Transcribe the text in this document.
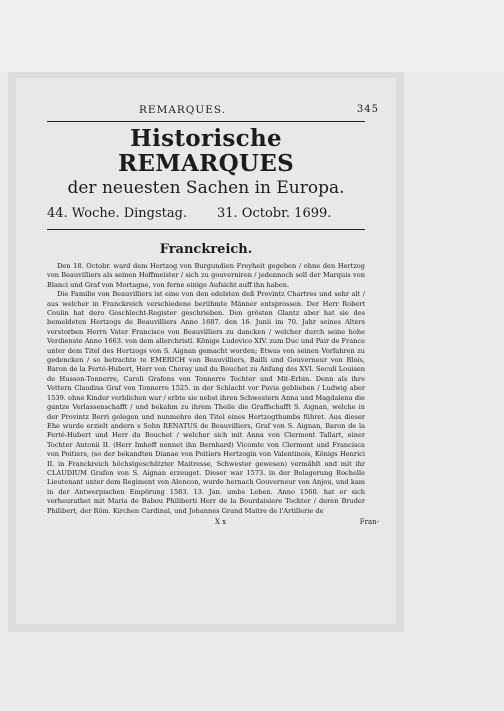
REMARQUES.	345
Historische REMARQUES
der neuesten Sachen in Europa.
44. Woche. Dingstag. 31. Octobr. 1699.
Franckreich.

Den 18. Octobr. ward dem Hertzog von Burgundien Freyheit gegeben / ohne den Hertzog von Beauvilliers als seinen Hoffmeister / sich zu gouverniren / jedennoch soll der Marquis von Blanci und Graf von Mortagne, von ferne einige Aufsicht auff ihn haben.

Die Familie von Beauvilliers ist eine von den edelsten deß Provintz Chartres und sehr alt / aus welcher in Franckreich verschiedene berühmte Männer entsprossen. Der Herr Robert Coulin hat dero Geschlecht-Register geschrieben. Den grösten Glantz aber hat sie des bemeldeten Hertzogs de Beauvilliers Anno 1687. den 16. Junii im 70. Jahr seines Alters verstorben Herrn Vater Francisco von Beauvilliers zu dancken / welcher durch seine hohe Verdienste Anno 1663. von dem allerchristl. Könige Ludovico XIV. zum Duc und Pair de France unter dem Titel des Hertzogs von S. Aignan gemacht worden; Etwas von seinen Vorfahren zu gedencken / so betrachte te EMERICH von Beauvilliers, Bailli und Gouverneur von Blois, Baron de la Ferté-Hubert, Herr von Cheray und du Bouchet zu Anfang des XVI. Seculi Louisen de Husson-Tonnerre, Caroli Grafens von Tonnerre Tochter und Mit-Erbin. Denn als ihre Vettern Claudius Graf von Tonnerre 1525. in der Schlacht vor Pavia geblieben / Ludwig aber 1539. ohne Kinder verblichen war / erbte sie nebst ihren Schwestern Anna und Magdalena die gantze Verlassenschafft / und bekahm zu ihrem Theile die Graffschafft S. Aignan, welche in der Provintz Berri gelegen und nunmehro den Titel eines Hertzogthumbs führet. Aus dieser Ehe wurde erzielt andern s Sohn RENATUS de Beauvilliers, Graf von S. Aignan, Baron de la Ferté-Hubert und Herr du Bouchet / welcher sich mit Anna von Clermont Tallart, einer Tochter Antonii II. (Herr Imhoff nennet ihn Bernhard) Vicomte von Clermont und Francisca von Poitiers, (so der bekandten Dianae von Poitiers Hertzogin von Valentinois, Königs Henrici II. in Franckreich höchstgeschätzter Maitresse, Schwester gewesen) vermählt und mit ihr CLAUDIUM Grafen von S. Aignan erzeuget. Dieser war 1573. in der Belagerung Rochelle Lieutenant unter dem Regiment von Alencon, wurde hernach Gouverneur von Anjou, und kam in der Antwerpischen Empörung 1583. 13. Jan. umbs Leben. Anno 1560. hat er sich verheurathet mit Maria de Babou Philiberti Herr de la Bourdaisiere Tochter / deren Bruder Philibert, der Röm. Kirchen Cardinal, und Johannes Grand Maitre de l'Artillerie de

X x	Fran-
